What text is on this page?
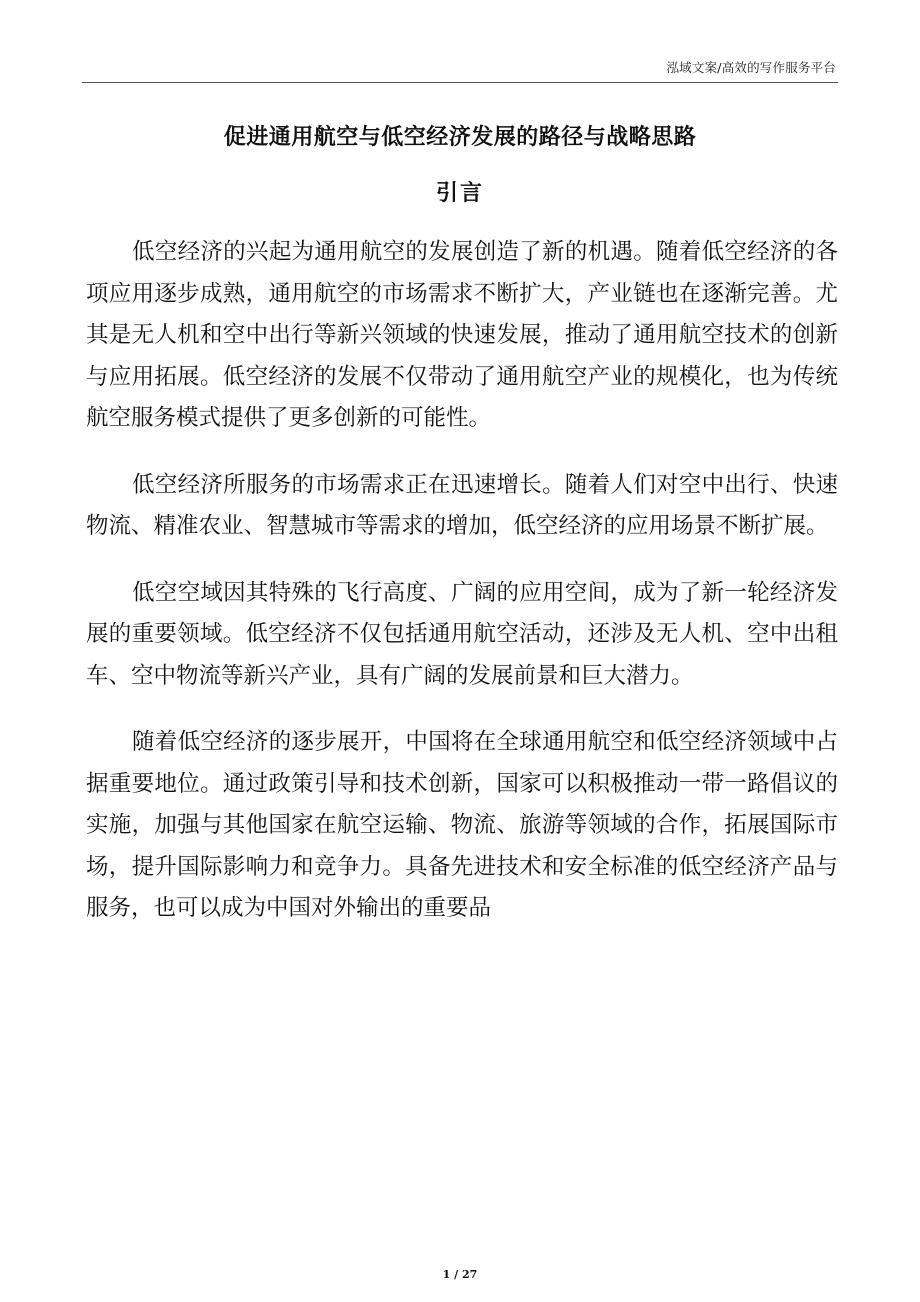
泓域文案/高效的写作服务平台
促进通用航空与低空经济发展的路径与战略思路
引言

低空经济的兴起为通用航空的发展创造了新的机遇。随着低空经济的各项应用逐步成熟，通用航空的市场需求不断扩大，产业链也在逐渐完善。尤其是无人机和空中出行等新兴领域的快速发展，推动了通用航空技术的创新与应用拓展。低空经济的发展不仅带动了通用航空产业的规模化，也为传统航空服务模式提供了更多创新的可能性。

低空经济所服务的市场需求正在迅速增长。随着人们对空中出行、快速物流、精准农业、智慧城市等需求的增加，低空经济的应用场景不断扩展。

低空空域因其特殊的飞行高度、广阔的应用空间，成为了新一轮经济发展的重要领域。低空经济不仅包括通用航空活动，还涉及无人机、空中出租车、空中物流等新兴产业，具有广阔的发展前景和巨大潜力。

随着低空经济的逐步展开，中国将在全球通用航空和低空经济领域中占据重要地位。通过政策引导和技术创新，国家可以积极推动一带一路倡议的实施，加强与其他国家在航空运输、物流、旅游等领域的合作，拓展国际市场，提升国际影响力和竞争力。具备先进技术和安全标准的低空经济产品与服务，也可以成为中国对外输出的重要品

1 / 27
